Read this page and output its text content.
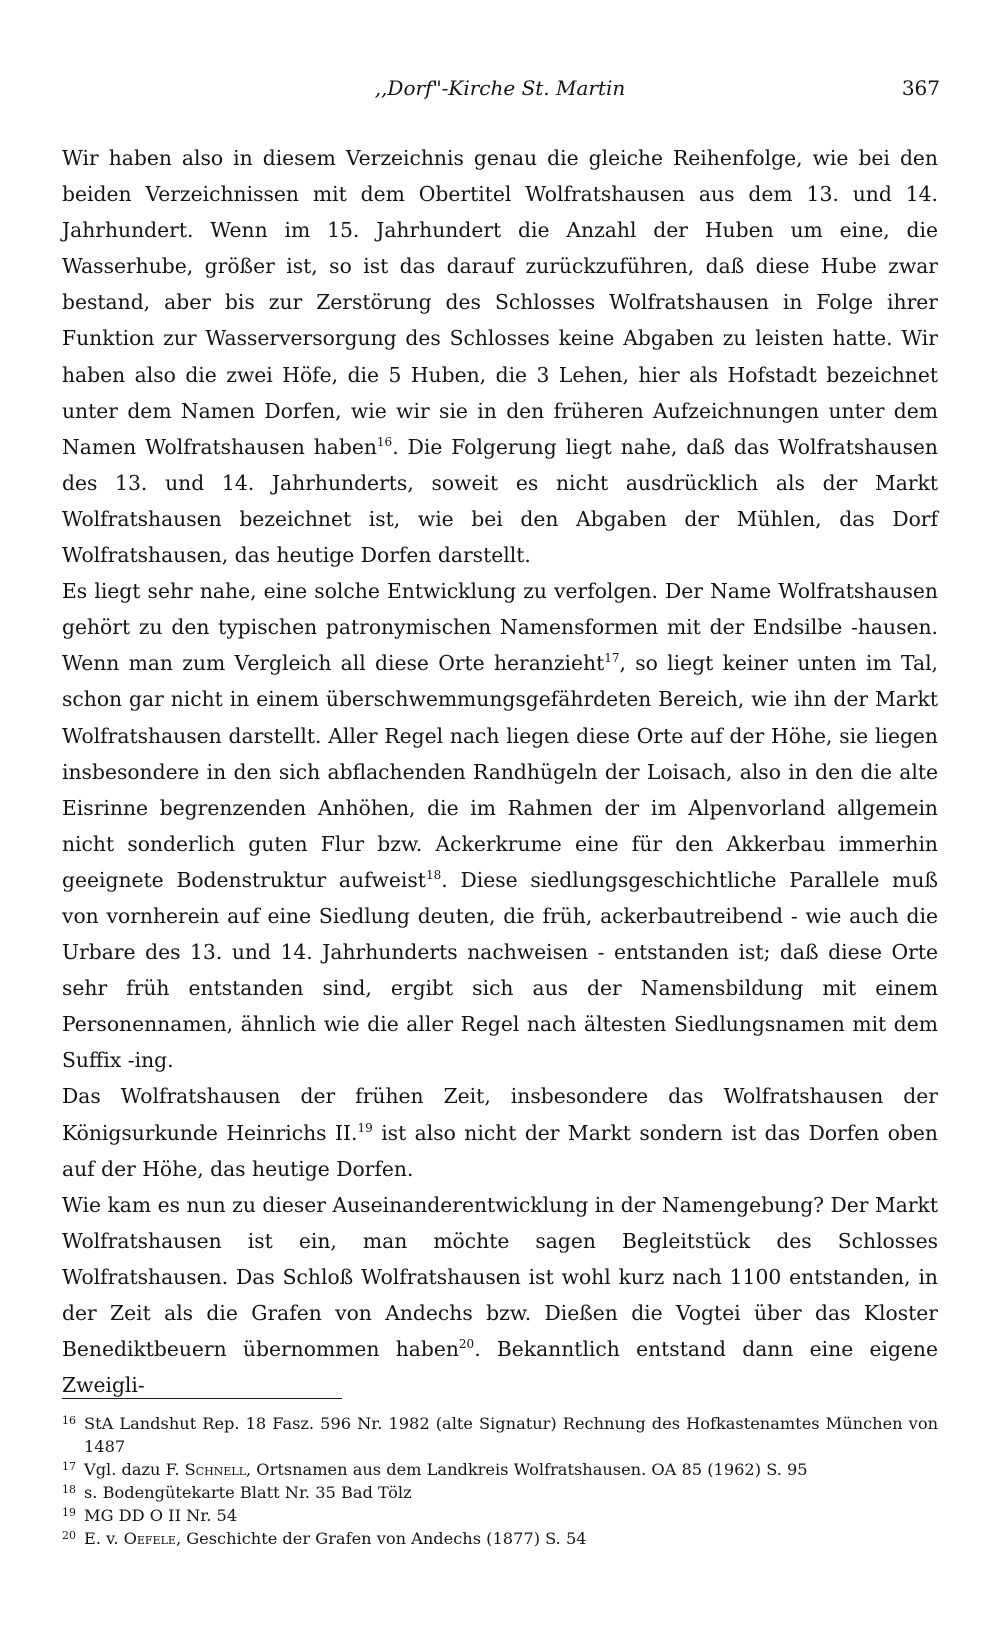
,,Dorf"-Kirche St. Martin	367

Wir haben also in diesem Verzeichnis genau die gleiche Reihenfolge, wie bei den beiden Verzeichnissen mit dem Obertitel Wolfratshausen aus dem 13. und 14. Jahrhundert. Wenn im 15. Jahrhundert die Anzahl der Huben um eine, die Wasserhube, größer ist, so ist das darauf zurückzuführen, daß diese Hube zwar bestand, aber bis zur Zerstörung des Schlosses Wolfratshausen in Folge ihrer Funktion zur Wasserversorgung des Schlosses keine Abgaben zu leisten hatte. Wir haben also die zwei Höfe, die 5 Huben, die 3 Lehen, hier als Hofstadt bezeichnet unter dem Namen Dorfen, wie wir sie in den früheren Aufzeichnungen unter dem Namen Wolfratshausen haben$^{16}$. Die Folgerung liegt nahe, daß das Wolfratshausen des 13. und 14. Jahrhunderts, soweit es nicht ausdrücklich als der Markt Wolfratshausen bezeichnet ist, wie bei den Abgaben der Mühlen, das Dorf Wolfratshausen, das heutige Dorfen darstellt.

Es liegt sehr nahe, eine solche Entwicklung zu verfolgen. Der Name Wolfratshausen gehört zu den typischen patronymischen Namensformen mit der Endsilbe -hausen. Wenn man zum Vergleich all diese Orte heranzieht$^{17}$, so liegt keiner unten im Tal, schon gar nicht in einem überschwemmungsgefährdeten Bereich, wie ihn der Markt Wolfratshausen darstellt. Aller Regel nach liegen diese Orte auf der Höhe, sie liegen insbesondere in den sich abflachenden Randhügeln der Loisach, also in den die alte Eisrinne begrenzenden Anhöhen, die im Rahmen der im Alpenvorland allgemein nicht sonderlich guten Flur bzw. Ackerkrume eine für den Akkerbau immerhin geeignete Bodenstruktur aufweist$^{18}$. Diese siedlungsgeschichtliche Parallele muß von vornherein auf eine Siedlung deuten, die früh, ackerbautreibend - wie auch die Urbare des 13. und 14. Jahrhunderts nachweisen - entstanden ist; daß diese Orte sehr früh entstanden sind, ergibt sich aus der Namensbildung mit einem Personennamen, ähnlich wie die aller Regel nach ältesten Siedlungsnamen mit dem Suffix -ing.

Das Wolfratshausen der frühen Zeit, insbesondere das Wolfratshausen der Königsurkunde Heinrichs II.$^{19}$ ist also nicht der Markt sondern ist das Dorfen oben auf der Höhe, das heutige Dorfen.

Wie kam es nun zu dieser Auseinanderentwicklung in der Namengebung? Der Markt Wolfratshausen ist ein, man möchte sagen Begleitstück des Schlosses Wolfratshausen. Das Schloß Wolfratshausen ist wohl kurz nach 1100 entstanden, in der Zeit als die Grafen von Andechs bzw. Dießen die Vogtei über das Kloster Benediktbeuern übernommen haben$^{20}$. Bekanntlich entstand dann eine eigene Zweigli-

16 StA Landshut Rep. 18 Fasz. 596 Nr. 1982 (alte Signatur) Rechnung des Hofkastenamtes München von 1487
17 Vgl. dazu F. Schnell, Ortsnamen aus dem Landkreis Wolfratshausen. OA 85 (1962) S. 95
18 s. Bodengütekarte Blatt Nr. 35 Bad Tölz
19 MG DD O II Nr. 54
20 E. v. Oefele, Geschichte der Grafen von Andechs (1877) S. 54
